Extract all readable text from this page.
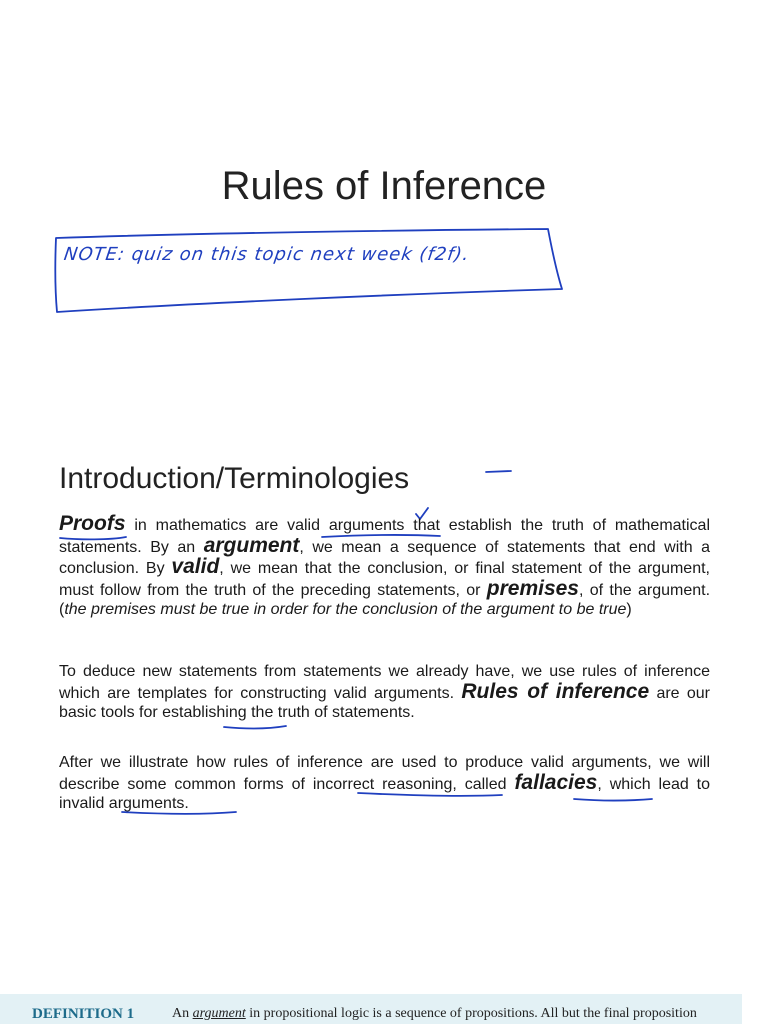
Rules of Inference
NOTE: quiz on this topic next week (f2f).
Introduction/Terminologies

Proofs in mathematics are valid arguments that establish the truth of mathematical statements. By an argument, we mean a sequence of statements that end with a conclusion. By valid, we mean that the conclusion, or final statement of the argument, must follow from the truth of the preceding statements, or premises, of the argument. (the premises must be true in order for the conclusion of the argument to be true)

To deduce new statements from statements we already have, we use rules of inference which are templates for constructing valid arguments. Rules of inference are our basic tools for establishing the truth of statements.

After we illustrate how rules of inference are used to produce valid arguments, we will describe some common forms of incorrect reasoning, called fallacies, which lead to invalid arguments.

DEFINITION 1	An argument in propositional logic is a sequence of propositions. All but the final proposition
